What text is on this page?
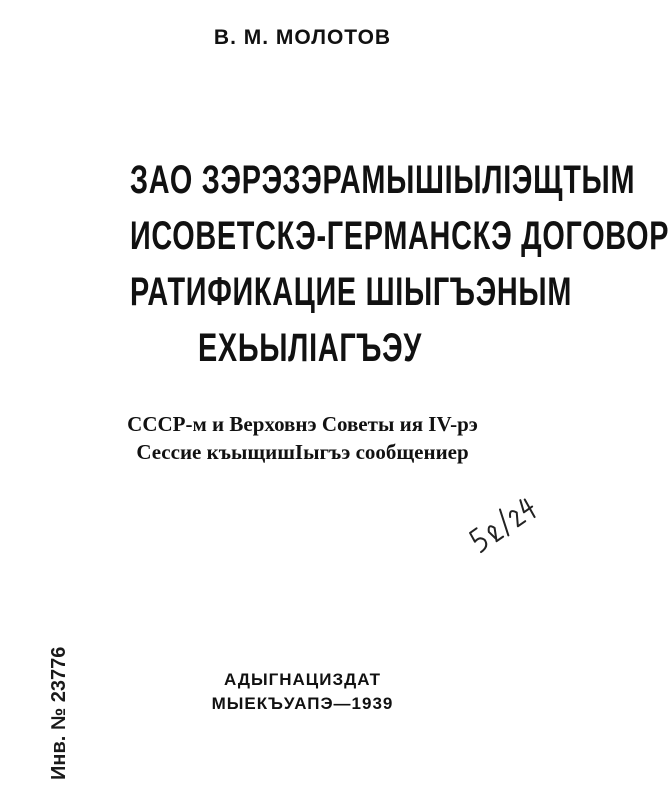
В. М. МОЛОТОВ
ЗАО ЗЭРЭЗЭРАМЫШІЫЛІЭЩТЫМ
ИСОВЕТСКЭ-ГЕРМАНСКЭ ДОГОВОР
РАТИФИКАЦИЕ ШІЫГЪЭНЫМ
ЕХЬЫЛІАГЪЭУ
СССР-м и Верховнэ Советы ия IV-рэ
Сессие къыщишІыгъэ сообщениер
Инв. № 23776	АДЫГНАЦИЗДАТ
МЫЕКЪУАПЭ—1939
